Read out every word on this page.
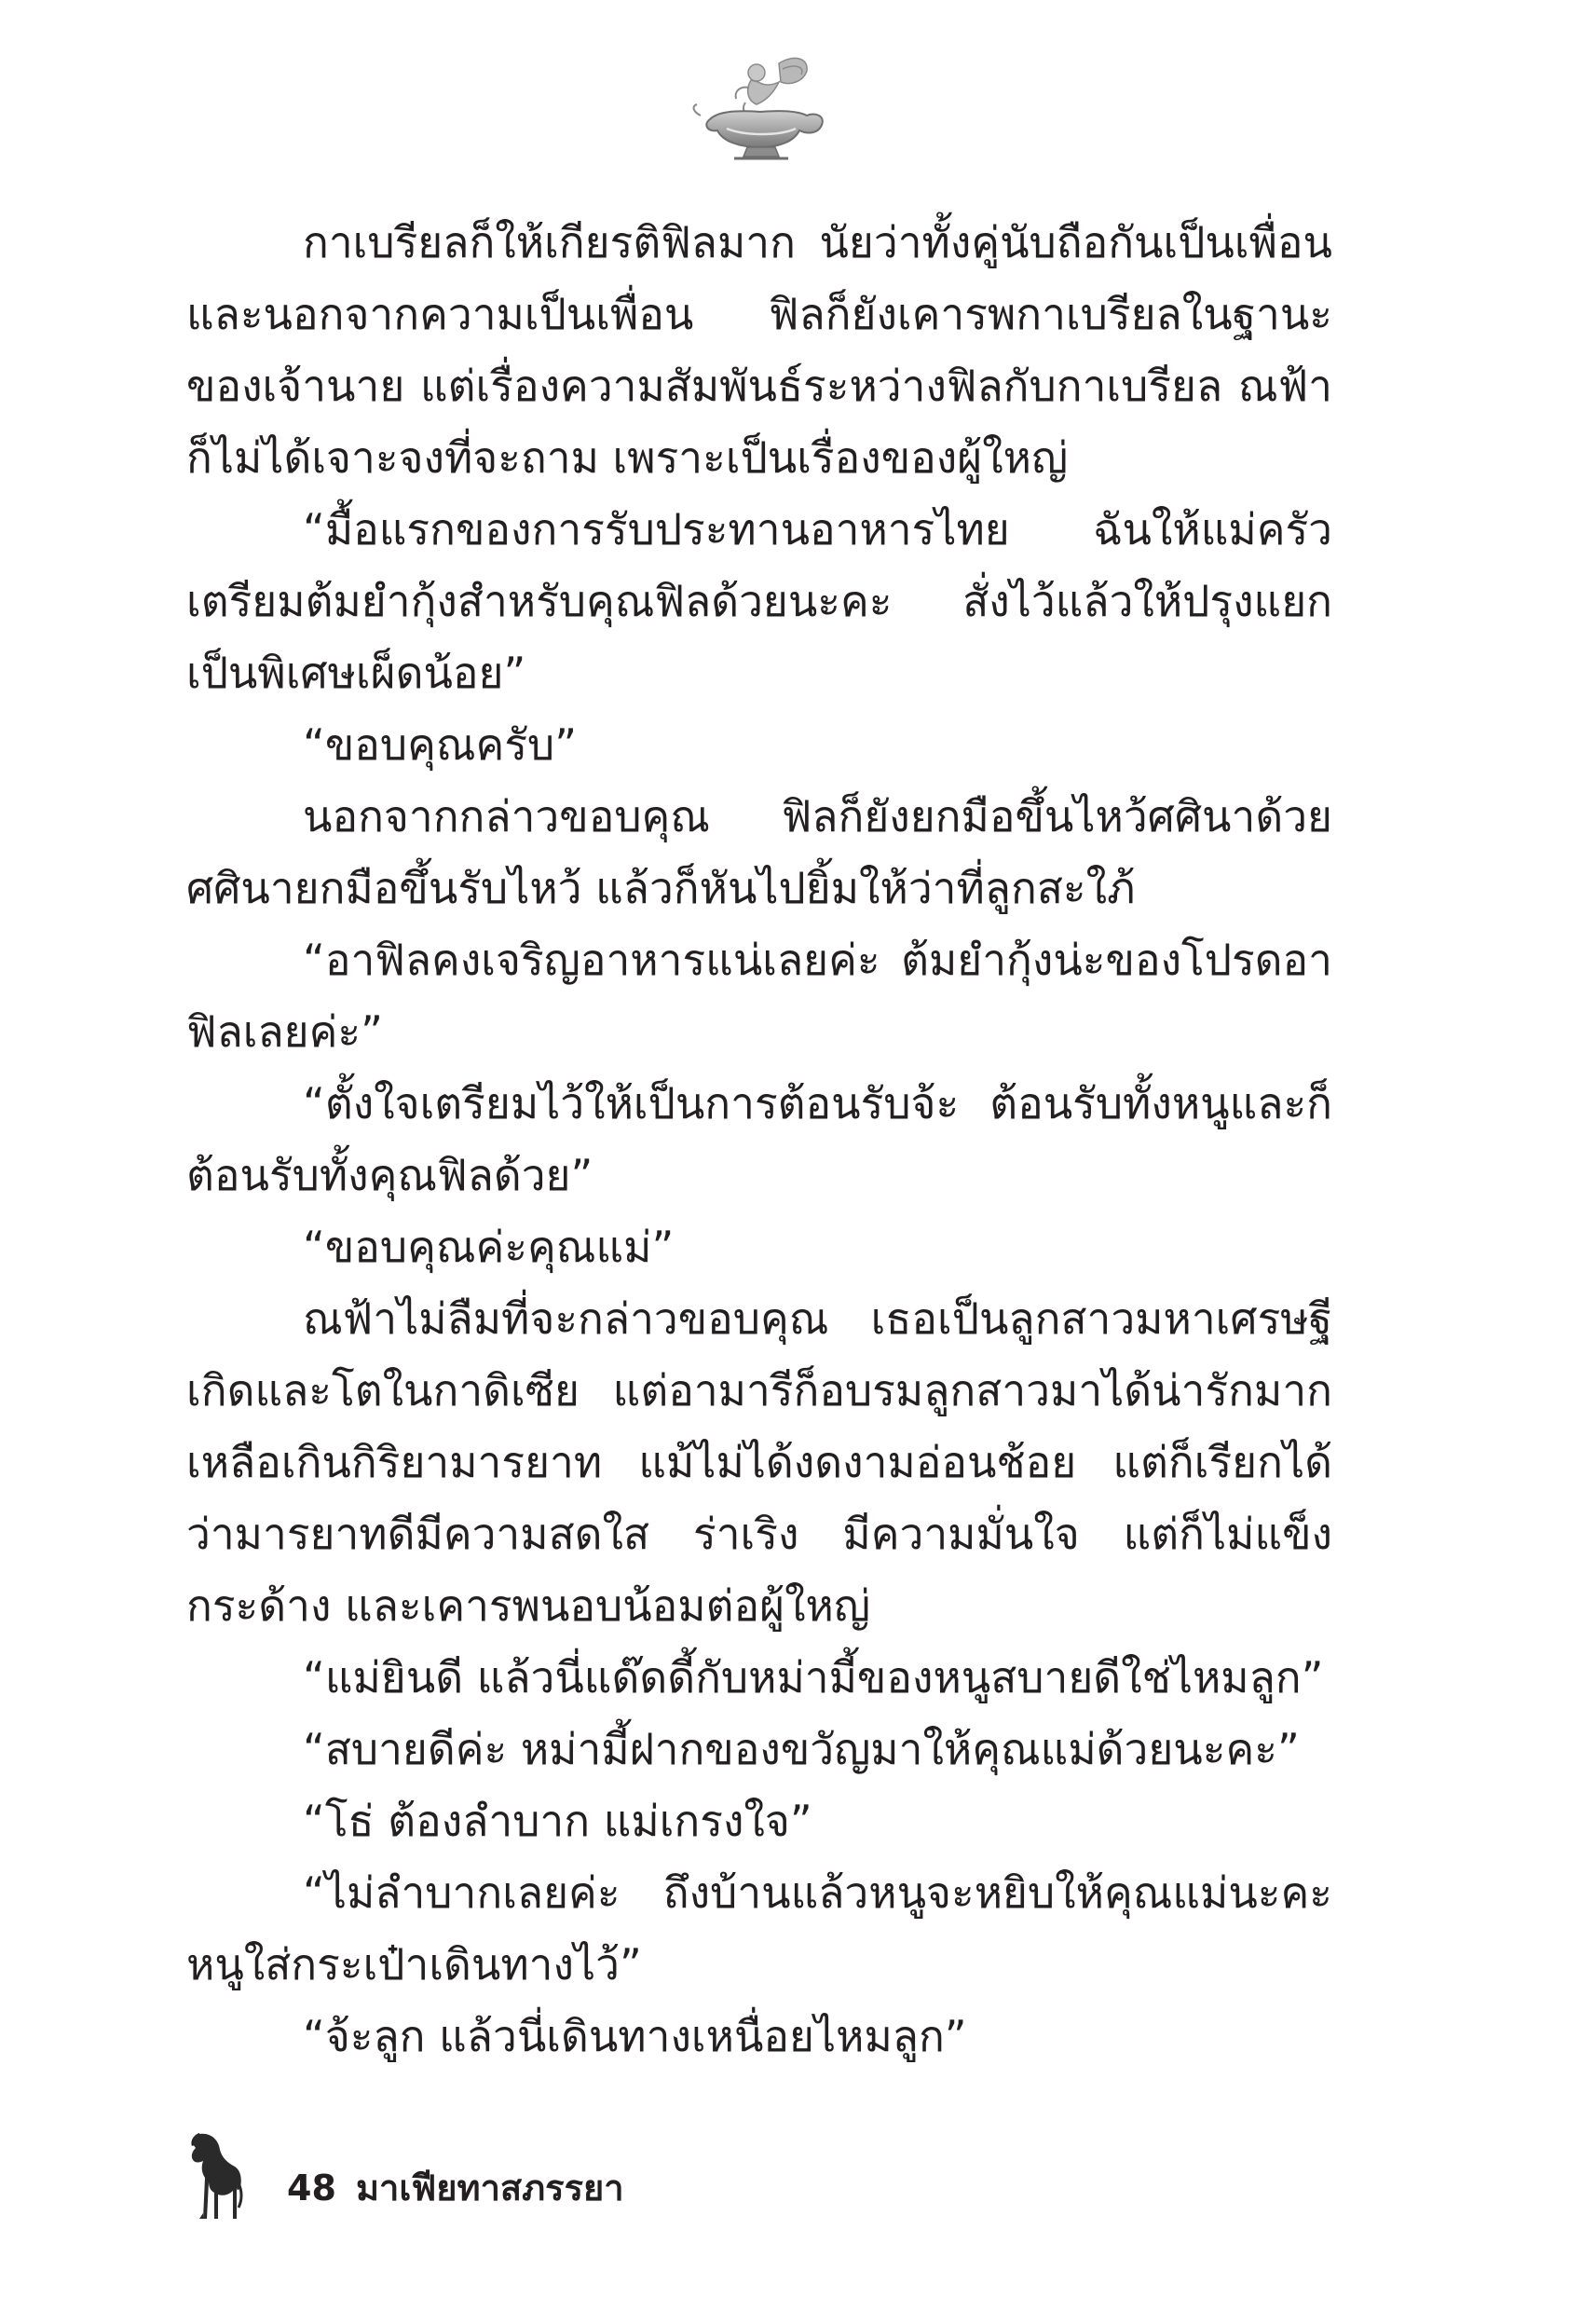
กาเบรียลก็ให้เกียรติฟิลมาก นัยว่าทั้งคู่นับถือกันเป็นเพื่อน และนอกจากความเป็นเพื่อน ฟิลก็ยังเคารพกาเบรียลในฐานะของเจ้านาย แต่เรื่องความสัมพันธ์ระหว่างฟิลกับกาเบรียล ณฟ้าก็ไม่ได้เจาะจงที่จะถาม เพราะเป็นเรื่องของผู้ใหญ่

“มื้อแรกของการรับประทานอาหารไทย ฉันให้แม่ครัวเตรียมต้มยำกุ้งสำหรับคุณฟิลด้วยนะคะ สั่งไว้แล้วให้ปรุงแยกเป็นพิเศษเผ็ดน้อย”

“ขอบคุณครับ”

นอกจากกล่าวขอบคุณ ฟิลก็ยังยกมือขึ้นไหว้ศศินาด้วย ศศินายกมือขึ้นรับไหว้ แล้วก็หันไปยิ้มให้ว่าที่ลูกสะใภ้

“อาฟิลคงเจริญอาหารแน่เลยค่ะ ต้มยำกุ้งน่ะของโปรดอาฟิลเลยค่ะ”

“ตั้งใจเตรียมไว้ให้เป็นการต้อนรับจ้ะ ต้อนรับทั้งหนูและก็ต้อนรับทั้งคุณฟิลด้วย”

“ขอบคุณค่ะคุณแม่”

ณฟ้าไม่ลืมที่จะกล่าวขอบคุณ เธอเป็นลูกสาวมหาเศรษฐี เกิดและโตในกาดิเซีย แต่อามารีก็อบรมลูกสาวมาได้น่ารักมากเหลือเกินกิริยามารยาท แม้ไม่ได้งดงามอ่อนช้อย แต่ก็เรียกได้ว่ามารยาทดีมีความสดใส ร่าเริง มีความมั่นใจ แต่ก็ไม่แข็งกระด้าง และเคารพนอบน้อมต่อผู้ใหญ่

“แม่ยินดี แล้วนี่แด๊ดดี้กับหม่ามี้ของหนูสบายดีใช่ไหมลูก”

“สบายดีค่ะ หม่ามี้ฝากของขวัญมาให้คุณแม่ด้วยนะคะ”

“โธ่ ต้องลำบาก แม่เกรงใจ”

“ไม่ลำบากเลยค่ะ ถึงบ้านแล้วหนูจะหยิบให้คุณแม่นะคะ หนูใส่กระเป๋าเดินทางไว้”

“จ้ะลูก แล้วนี่เดินทางเหนื่อยไหมลูก”

48 มาเฟียทาสภรรยา
